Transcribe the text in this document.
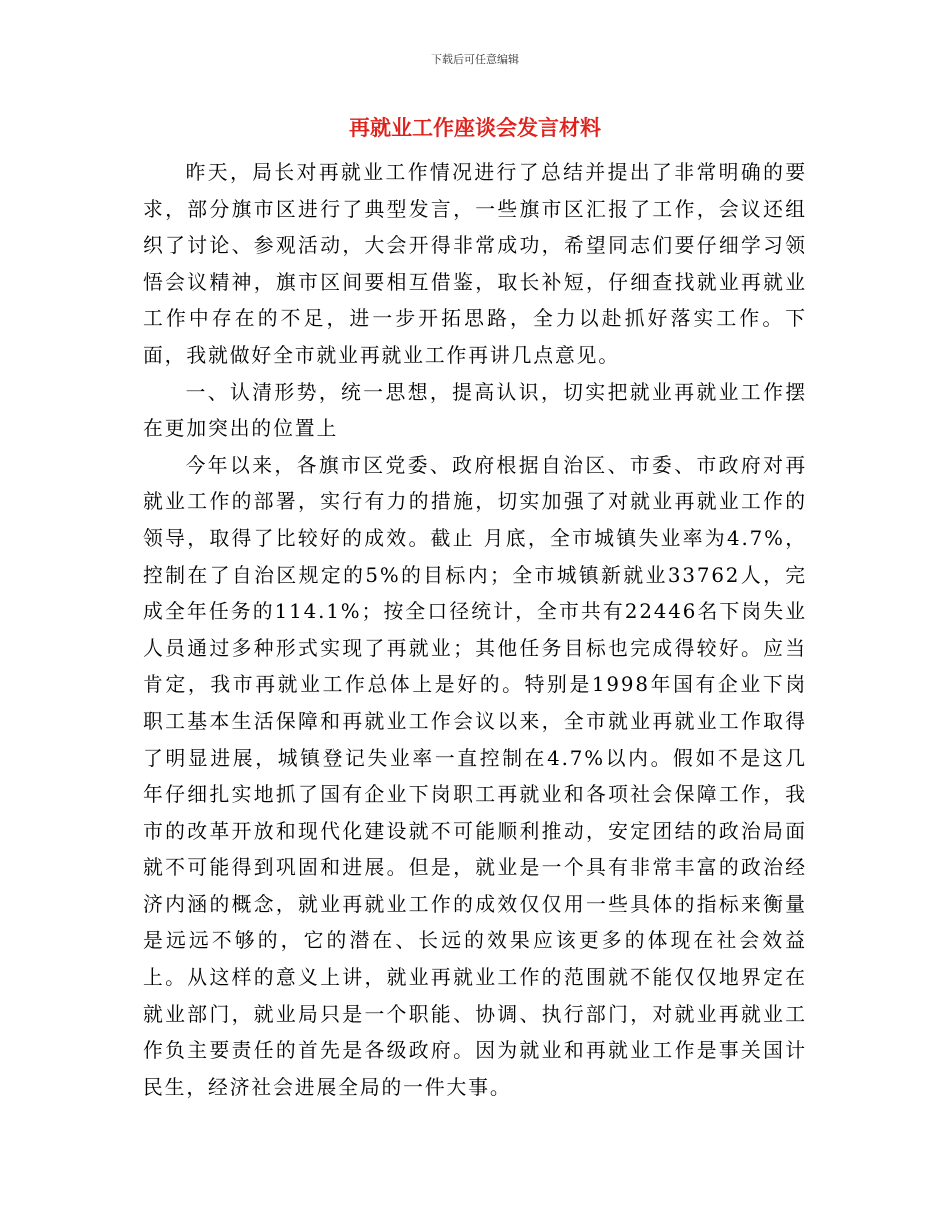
下载后可任意编辑
再就业工作座谈会发言材料

昨天，局长对再就业工作情况进行了总结并提出了非常明确的要求，部分旗市区进行了典型发言，一些旗市区汇报了工作，会议还组织了讨论、参观活动，大会开得非常成功，希望同志们要仔细学习领悟会议精神，旗市区间要相互借鉴，取长补短，仔细查找就业再就业工作中存在的不足，进一步开拓思路，全力以赴抓好落实工作。下面，我就做好全市就业再就业工作再讲几点意见。

一、认清形势，统一思想，提高认识，切实把就业再就业工作摆在更加突出的位置上

今年以来，各旗市区党委、政府根据自治区、市委、市政府对再就业工作的部署，实行有力的措施，切实加强了对就业再就业工作的领导，取得了比较好的成效。截止 月底，全市城镇失业率为4.7%，控制在了自治区规定的5%的目标内；全市城镇新就业33762人，完成全年任务的114.1%；按全口径统计，全市共有22446名下岗失业人员通过多种形式实现了再就业；其他任务目标也完成得较好。应当肯定，我市再就业工作总体上是好的。特别是1998年国有企业下岗职工基本生活保障和再就业工作会议以来，全市就业再就业工作取得了明显进展，城镇登记失业率一直控制在4.7%以内。假如不是这几年仔细扎实地抓了国有企业下岗职工再就业和各项社会保障工作，我市的改革开放和现代化建设就不可能顺利推动，安定团结的政治局面就不可能得到巩固和进展。但是，就业是一个具有非常丰富的政治经济内涵的概念，就业再就业工作的成效仅仅用一些具体的指标来衡量是远远不够的，它的潜在、长远的效果应该更多的体现在社会效益上。从这样的意义上讲，就业再就业工作的范围就不能仅仅地界定在就业部门，就业局只是一个职能、协调、执行部门，对就业再就业工作负主要责任的首先是各级政府。因为就业和再就业工作是事关国计民生，经济社会进展全局的一件大事。
